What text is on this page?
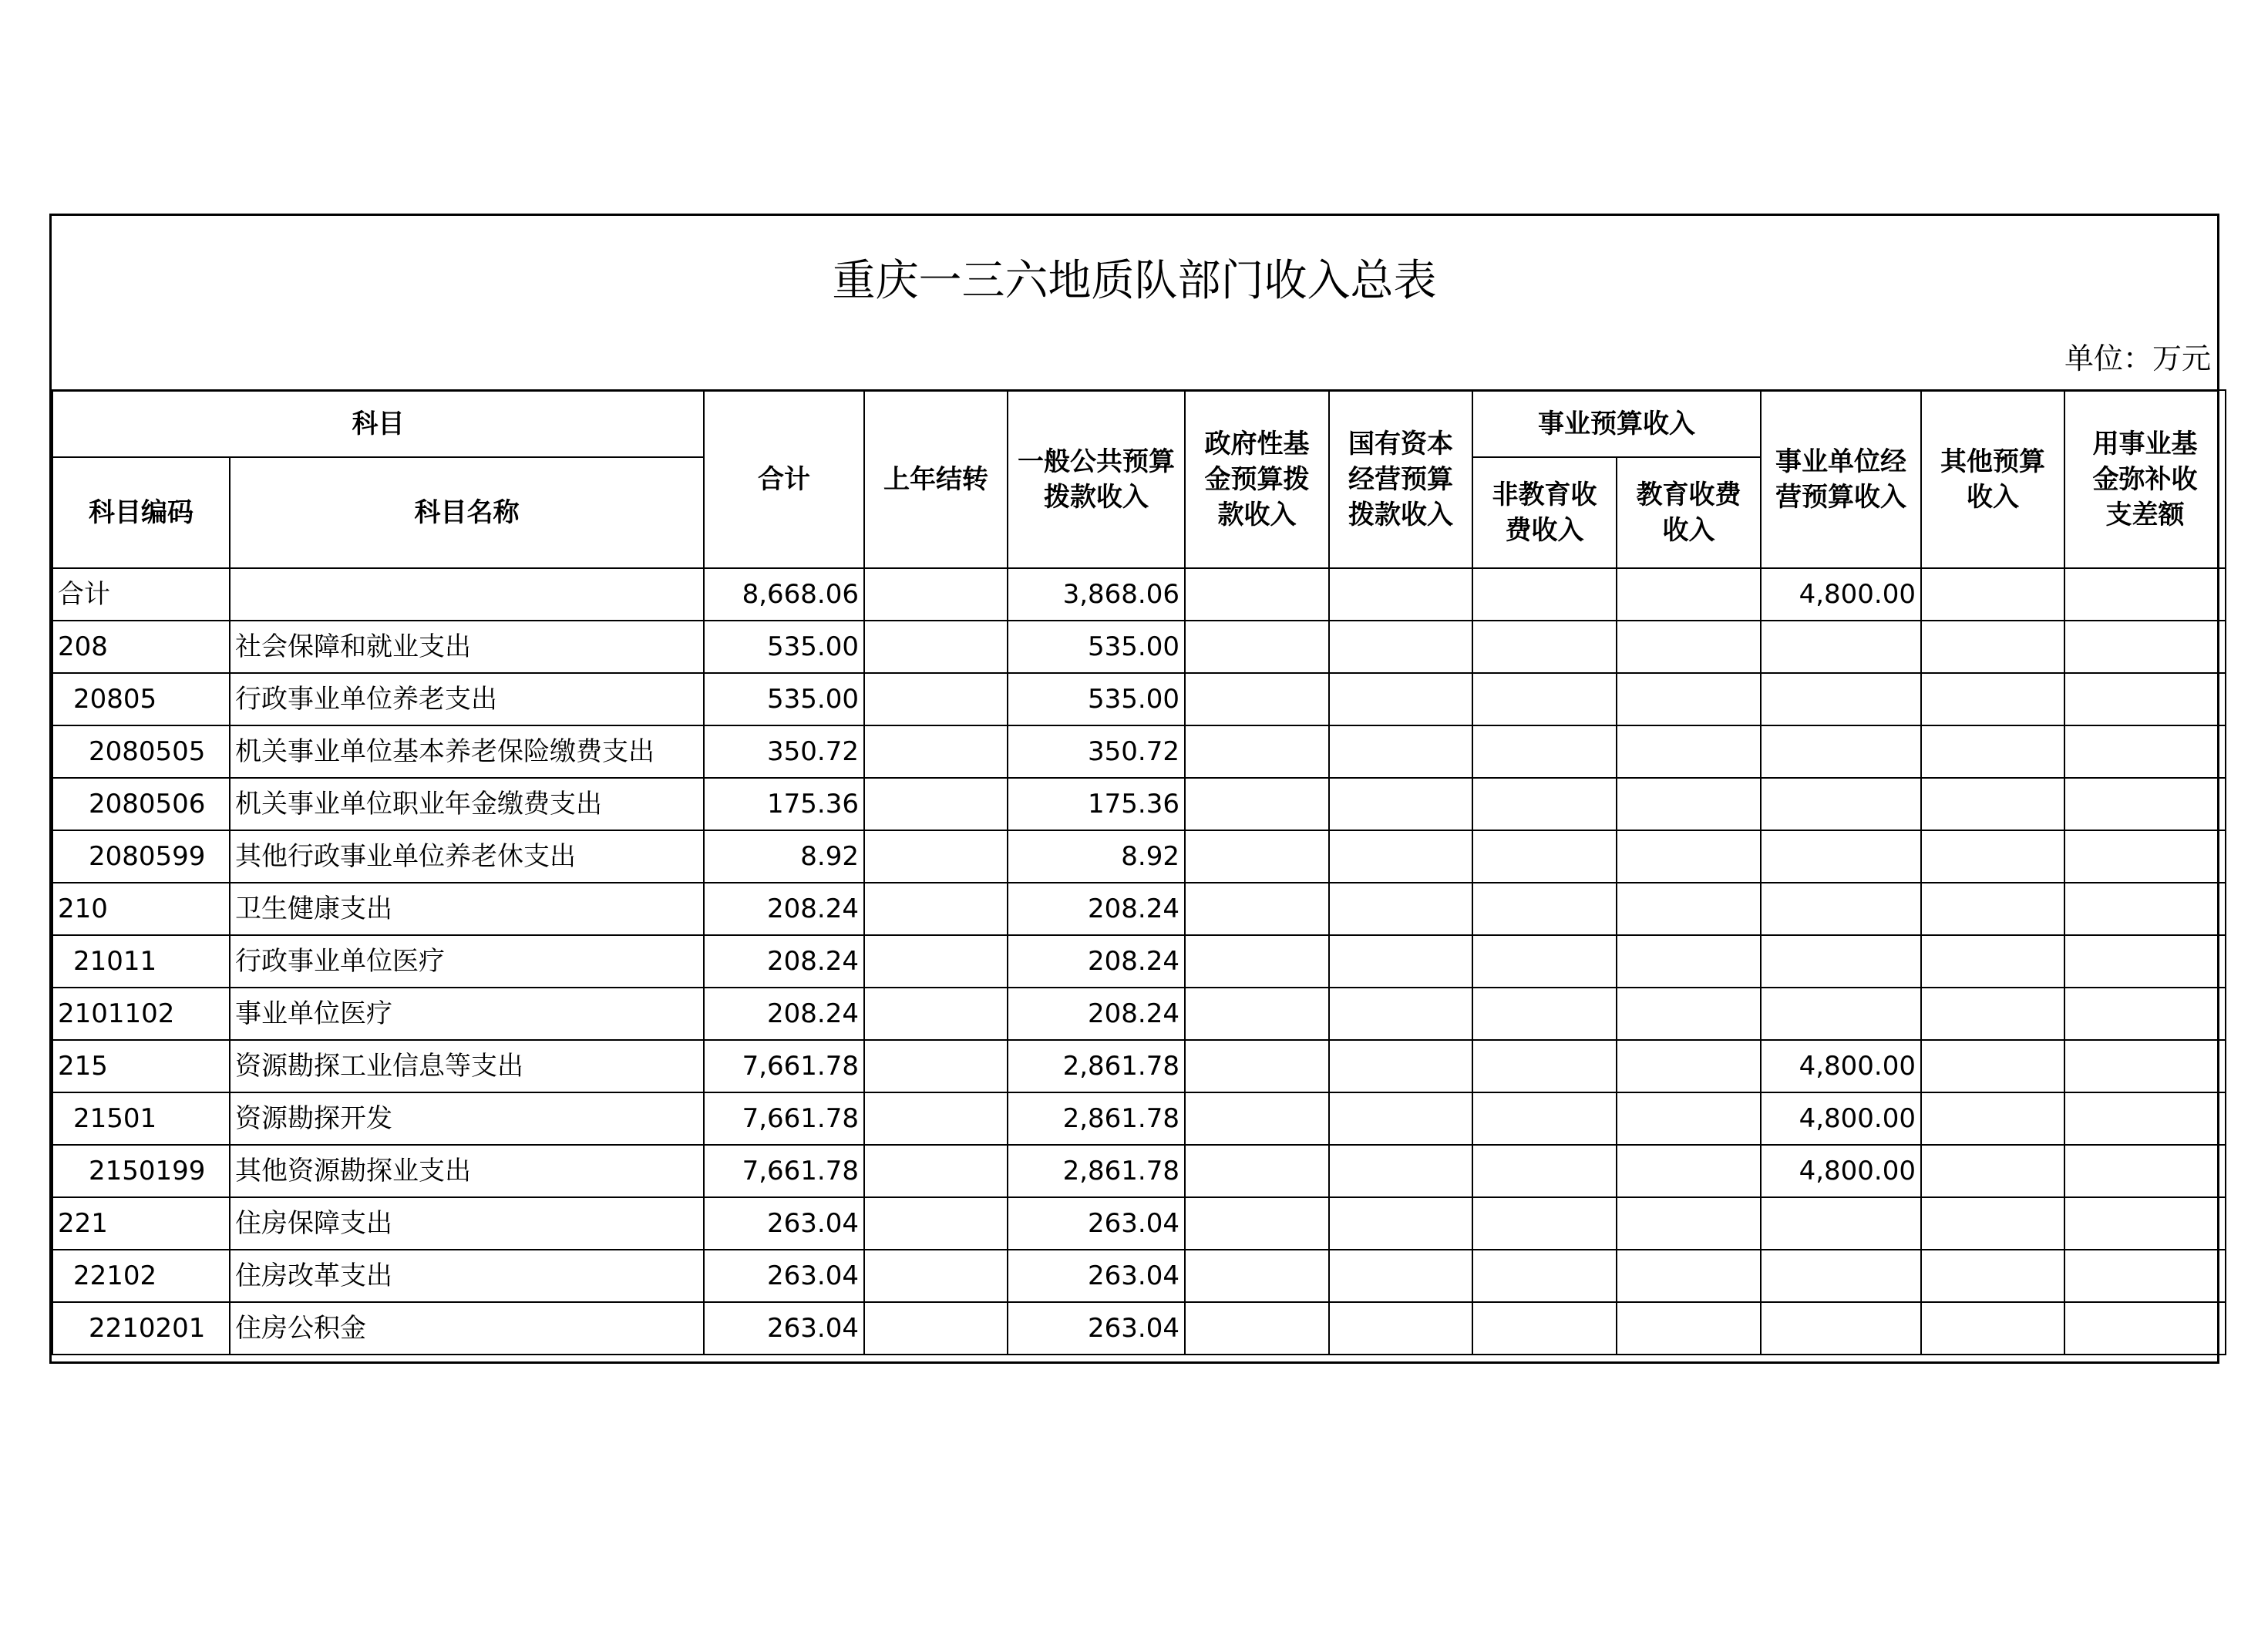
重庆一三六地质队部门收入总表
单位：万元
科目		合计	上年结转	一般公共预算拨款收入	政府性基金预算拨款收入	国有资本经营预算拨款收入	事业预算收入		事业单位经营预算收入	其他预算收入	用事业基金弥补收支差额

科目编码	科目名称						非教育收费收入	教育收费收入			

合计		8,668.06		3,868.06					4,800.00		
208	社会保障和就业支出	535.00		535.00							
20805	行政事业单位养老支出	535.00		535.00							
2080505	机关事业单位基本养老保险缴费支出	350.72		350.72							
2080506	机关事业单位职业年金缴费支出	175.36		175.36							
2080599	其他行政事业单位养老休支出	8.92		8.92							
210	卫生健康支出	208.24		208.24							
21011	行政事业单位医疗	208.24		208.24							
2101102	事业单位医疗	208.24		208.24							
215	资源勘探工业信息等支出	7,661.78		2,861.78					4,800.00		
21501	资源勘探开发	7,661.78		2,861.78					4,800.00		
2150199	其他资源勘探业支出	7,661.78		2,861.78					4,800.00		
221	住房保障支出	263.04		263.04							
22102	住房改革支出	263.04		263.04							
2210201	住房公积金	263.04		263.04							
